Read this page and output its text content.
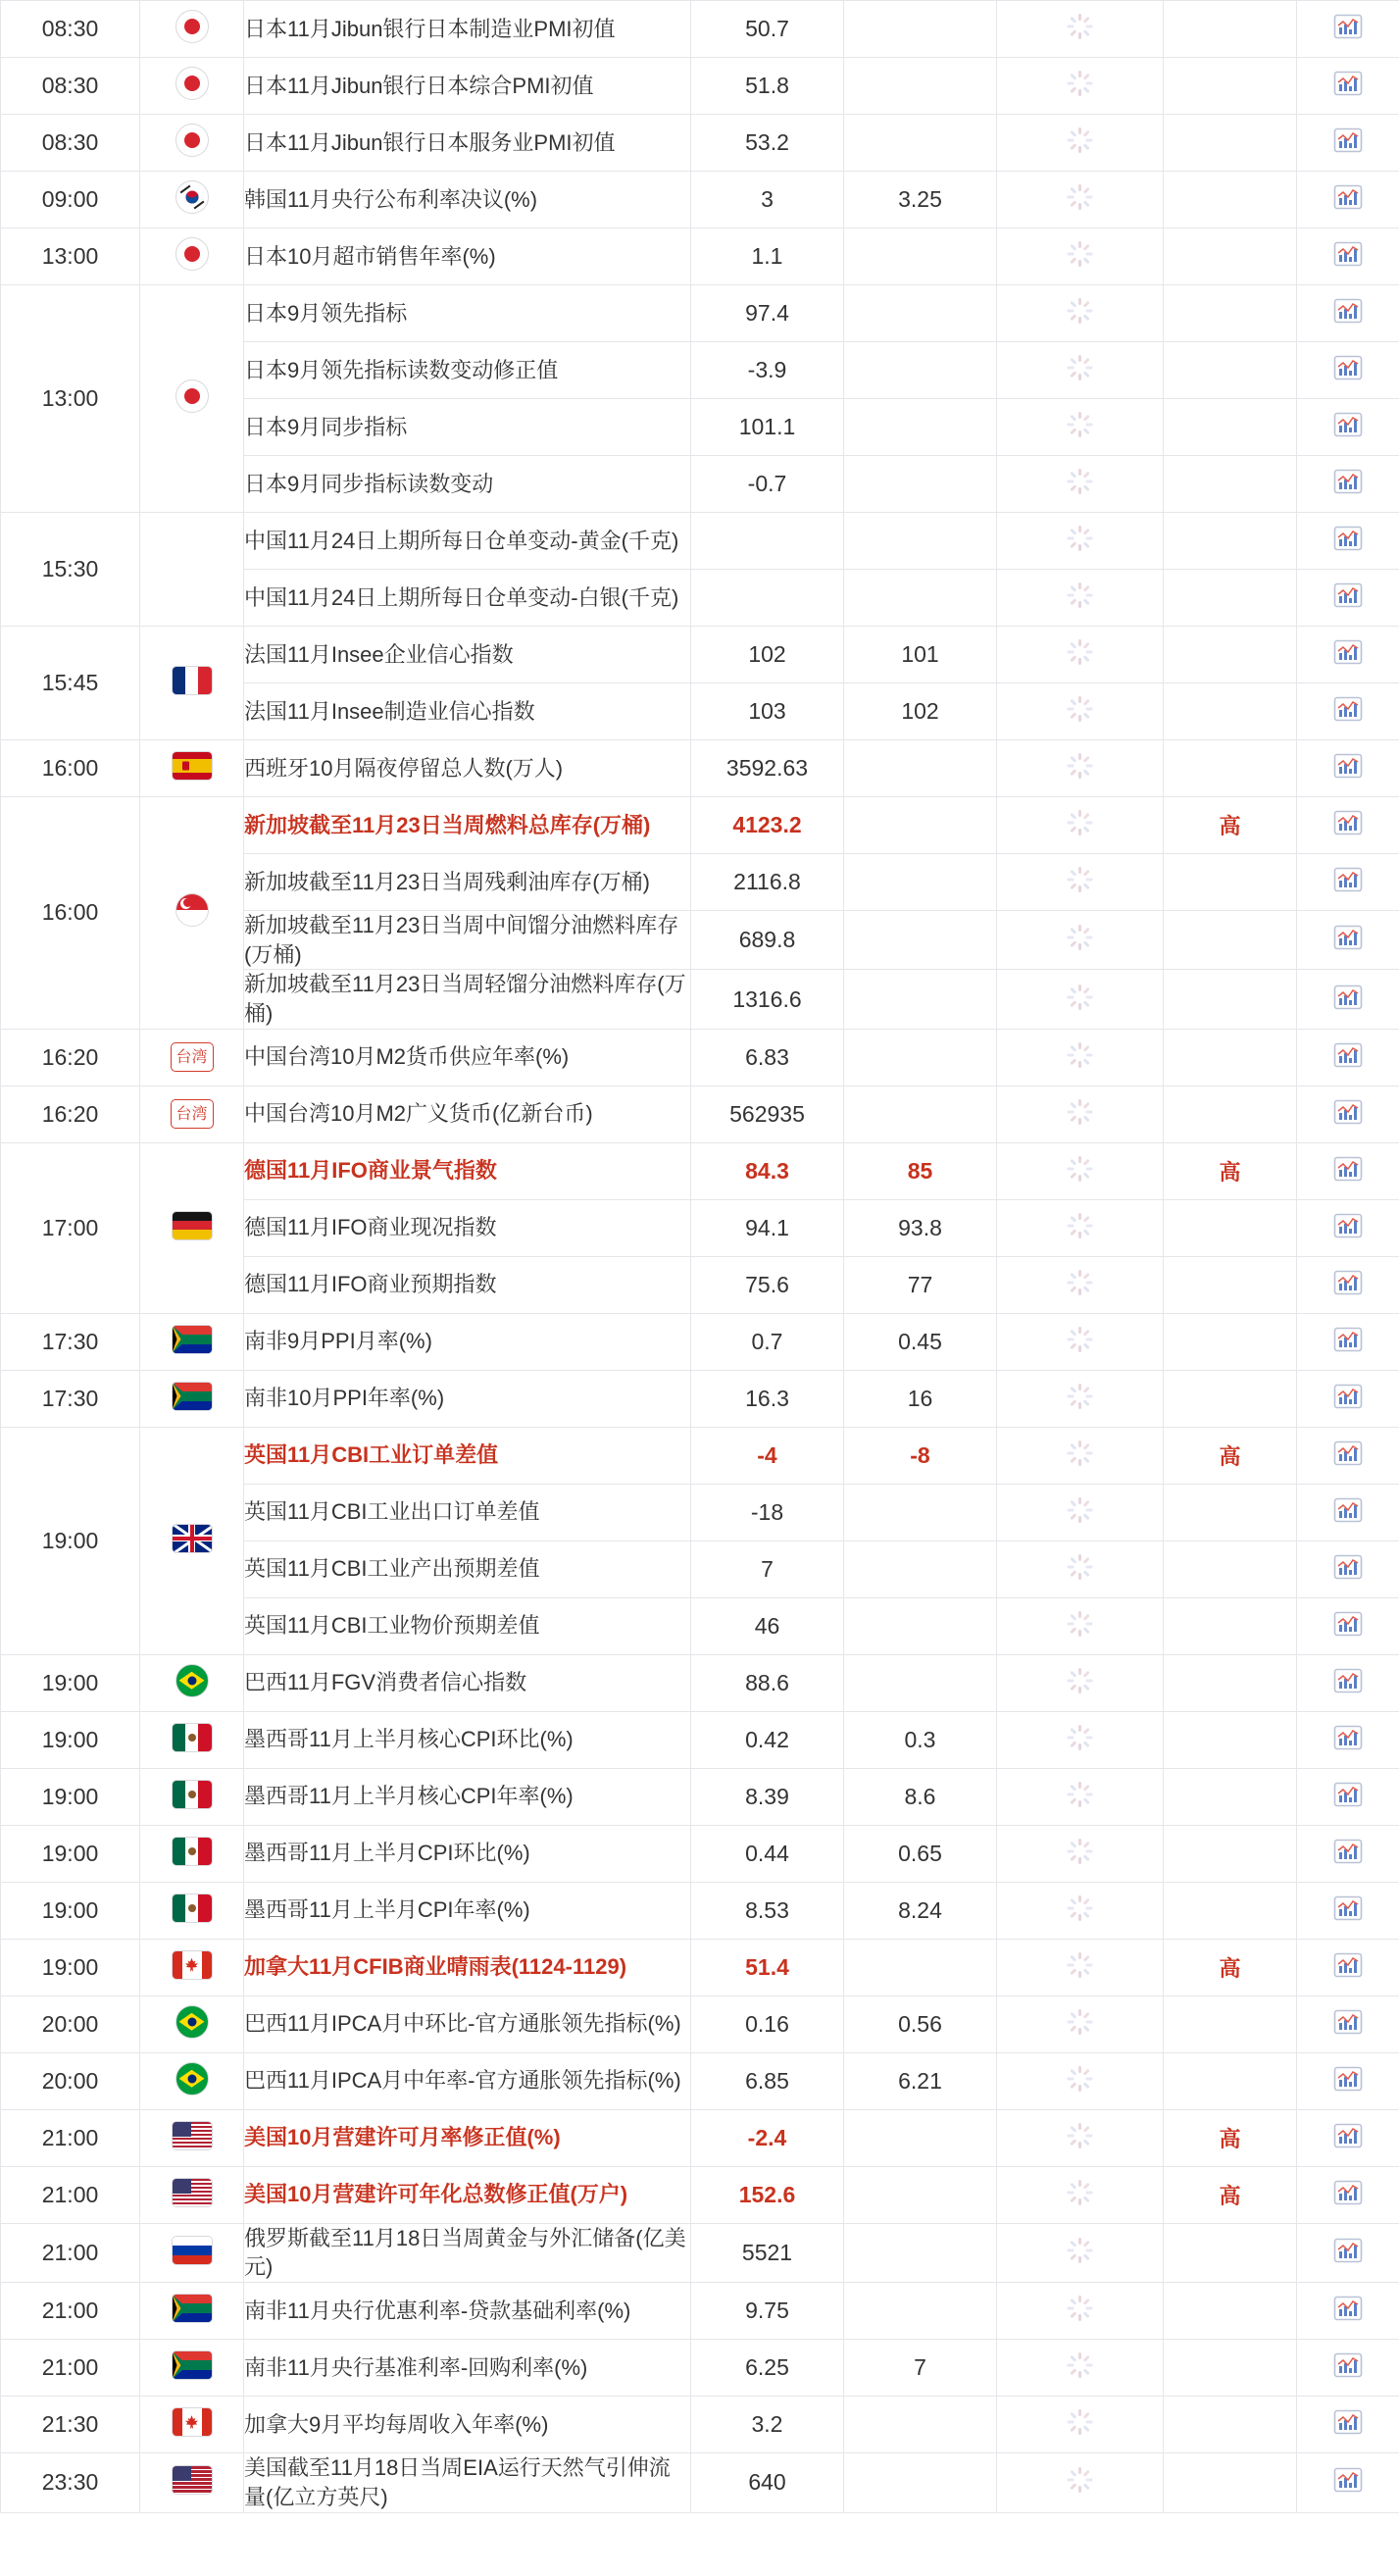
08:30		日本11月Jibun银行日本制造业PMI初值	50.7		

08:30		日本11月Jibun银行日本综合PMI初值	51.8		

08:30		日本11月Jibun银行日本服务业PMI初值	53.2		

09:00		韩国11月央行公布利率决议(%)	3	3.25	

13:00		日本10月超市销售年率(%)	1.1		

13:00		日本9月领先指标	97.4		

		日本9月领先指标读数变动修正值	-3.9		

		日本9月同步指标	101.1		

		日本9月同步指标读数变动	-0.7		

15:30		中国11月24日上期所每日仓单变动-黄金(千克)			

		中国11月24日上期所每日仓单变动-白银(千克)			

15:45		法国11月Insee企业信心指数	102	101	

		法国11月Insee制造业信心指数	103	102	

16:00		西班牙10月隔夜停留总人数(万人)	3592.63		

16:00		新加坡截至11月23日当周燃料总库存(万桶)	4123.2			高	

		新加坡截至11月23日当周残剩油库存(万桶)	2116.8		

		新加坡截至11月23日当周中间馏分油燃料库存(万桶)	689.8		

		新加坡截至11月23日当周轻馏分油燃料库存(万桶)	1316.6		

16:20	台湾	中国台湾10月M2货币供应年率(%)	6.83		

16:20	台湾	中国台湾10月M2广义货币(亿新台币)	562935		

17:00		德国11月IFO商业景气指数	84.3	85		高	

		德国11月IFO商业现况指数	94.1	93.8	

		德国11月IFO商业预期指数	75.6	77	

17:30		南非9月PPI月率(%)	0.7	0.45	

17:30		南非10月PPI年率(%)	16.3	16	

19:00		英国11月CBI工业订单差值	-4	-8		高	

		英国11月CBI工业出口订单差值	-18		

		英国11月CBI工业产出预期差值	7		

		英国11月CBI工业物价预期差值	46		

19:00		巴西11月FGV消费者信心指数	88.6		

19:00		墨西哥11月上半月核心CPI环比(%)	0.42	0.3	

19:00		墨西哥11月上半月核心CPI年率(%)	8.39	8.6	

19:00		墨西哥11月上半月CPI环比(%)	0.44	0.65	

19:00		墨西哥11月上半月CPI年率(%)	8.53	8.24	

19:00		加拿大11月CFIB商业晴雨表(1124-1129)	51.4			高	

20:00		巴西11月IPCA月中环比-官方通胀领先指标(%)	0.16	0.56	

20:00		巴西11月IPCA月中年率-官方通胀领先指标(%)	6.85	6.21	

21:00		美国10月营建许可月率修正值(%)	-2.4			高	

21:00		美国10月营建许可年化总数修正值(万户)	152.6			高	

21:00		俄罗斯截至11月18日当周黄金与外汇储备(亿美元)	5521		

21:00		南非11月央行优惠利率-贷款基础利率(%)	9.75		

21:00		南非11月央行基准利率-回购利率(%)	6.25	7	

21:30		加拿大9月平均每周收入年率(%)	3.2		

23:30		美国截至11月18日当周EIA运行天然气引伸流量(亿立方英尺)	640		
